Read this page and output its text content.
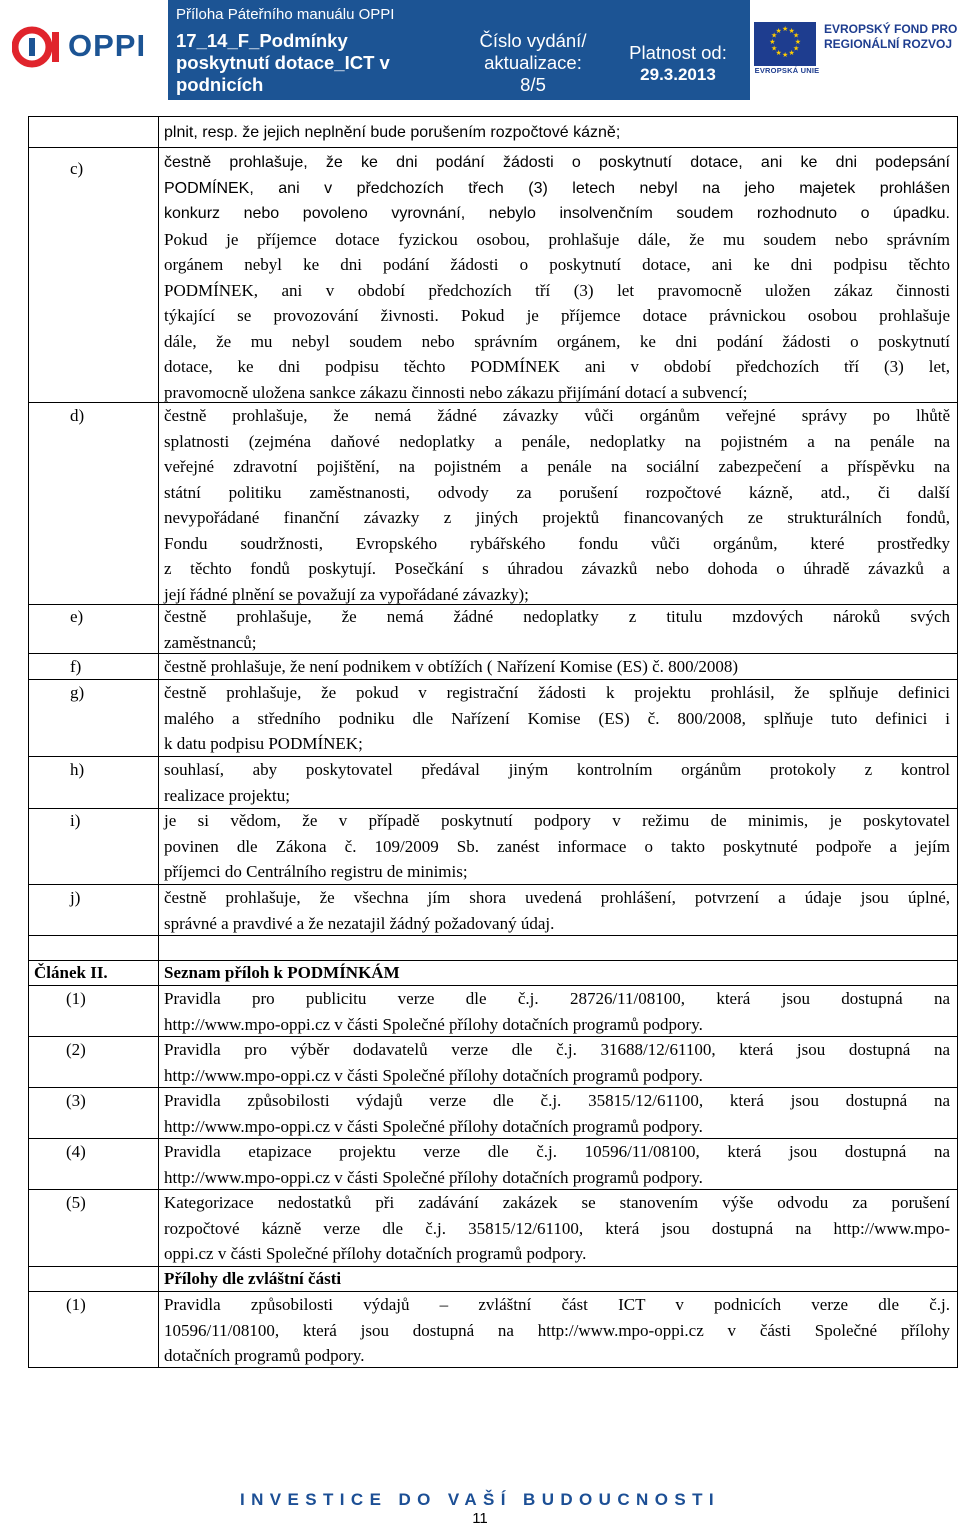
OPPI
Příloha Páteřního manuálu OPPI
17_14_F_Podmínky poskytnutí dotace_ICT v podnicích
Číslo vydání/ aktualizace:
8/5
Platnost od:
29.3.2013
★ ★
★
★
★
★
★
★
★
★
★
★
EVROPSKÁ UNIE
EVROPSKÝ FOND PRO REGIONÁLNÍ ROZVOJ
plnit, resp. že jejich neplnění bude porušením rozpočtové kázně;
c)	čestně prohlašuje, že ke dni podání žádosti o poskytnutí dotace, ani ke dni podepsání
PODMÍNEK, ani v předchozích třech (3) letech nebyl na jeho majetek prohlášen
konkurz nebo povoleno vyrovnání, nebylo insolvenčním soudem rozhodnuto o úpadku.
Pokud je příjemce dotace fyzickou osobou, prohlašuje dále, že mu soudem nebo správním
orgánem nebyl ke dni podání žádosti o poskytnutí dotace, ani ke dni podpisu těchto
PODMÍNEK, ani v období předchozích tří (3) let pravomocně uložen zákaz činnosti
týkající se provozování živnosti. Pokud je příjemce dotace právnickou osobou prohlašuje
dále, že mu nebyl soudem nebo správním orgánem, ke dni podání žádosti o poskytnutí
dotace, ke dni podpisu těchto PODMÍNEK ani v období předchozích tří (3) let,
pravomocně uložena sankce zákazu činnosti nebo zákazu přijímání dotací a subvencí;
d)	čestně prohlašuje, že nemá žádné závazky vůči orgánům veřejné správy po lhůtě
splatnosti (zejména daňové nedoplatky a penále, nedoplatky na pojistném a na penále na
veřejné zdravotní pojištění, na pojistném a penále na sociální zabezpečení a příspěvku na
státní politiku zaměstnanosti, odvody za porušení rozpočtové kázně, atd., či další
nevypořádané finanční závazky z jiných projektů financovaných ze strukturálních fondů,
Fondu soudržnosti, Evropského rybářského fondu vůči orgánům, které prostředky
z těchto fondů poskytují. Posečkání s úhradou závazků nebo dohoda o úhradě závazků a
její řádné plnění se považují za vypořádané závazky);
e)	čestně prohlašuje, že nemá žádné nedoplatky z titulu mzdových nároků svých
zaměstnanců;
f)	čestně prohlašuje, že není podnikem v obtížích ( Nařízení Komise (ES) č. 800/2008)
g)	čestně prohlašuje, že pokud v registrační žádosti k projektu prohlásil, že splňuje definici
malého a středního podniku dle Nařízení Komise (ES) č. 800/2008, splňuje tuto definici i
k datu podpisu PODMÍNEK;
h)	souhlasí, aby poskytovatel předával jiným kontrolním orgánům protokoly z kontrol
realizace projektu;
i)	je si vědom, že v případě poskytnutí podpory v režimu de minimis, je poskytovatel
povinen dle Zákona č. 109/2009 Sb. zanést informace o takto poskytnuté podpoře a jejím
příjemci do Centrálního registru de minimis;
j)	čestně prohlašuje, že všechna jím shora uvedená prohlášení, potvrzení a údaje jsou úplné,
správné a pravdivé a že nezatajil žádný požadovaný údaj.
Článek II.	Seznam příloh k PODMÍNKÁM
(1)	Pravidla pro publicitu verze dle č.j. 28726/11/08100, která jsou dostupná na
http://www.mpo-oppi.cz v části Společné přílohy dotačních programů podpory.
(2)	Pravidla pro výběr dodavatelů verze dle č.j. 31688/12/61100, která jsou dostupná na
http://www.mpo-oppi.cz v části Společné přílohy dotačních programů podpory.
(3)	Pravidla způsobilosti výdajů verze dle č.j. 35815/12/61100, která jsou dostupná na
http://www.mpo-oppi.cz v části Společné přílohy dotačních programů podpory.
(4)	Pravidla etapizace projektu verze dle č.j. 10596/11/08100, která jsou dostupná na
http://www.mpo-oppi.cz v části Společné přílohy dotačních programů podpory.
(5)	Kategorizace nedostatků při zadávání zakázek se stanovením výše odvodu za porušení
rozpočtové kázně verze dle č.j. 35815/12/61100, která jsou dostupná na http://www.mpo-
oppi.cz v části Společné přílohy dotačních programů podpory.
Přílohy dle zvláštní části
(1)	Pravidla způsobilosti výdajů – zvláštní část ICT v podnicích verze dle č.j.
10596/11/08100, která jsou dostupná na http://www.mpo-oppi.cz v části Společné přílohy
dotačních programů podpory.
INVESTICE DO VAŠÍ BUDOUCNOSTI
11
